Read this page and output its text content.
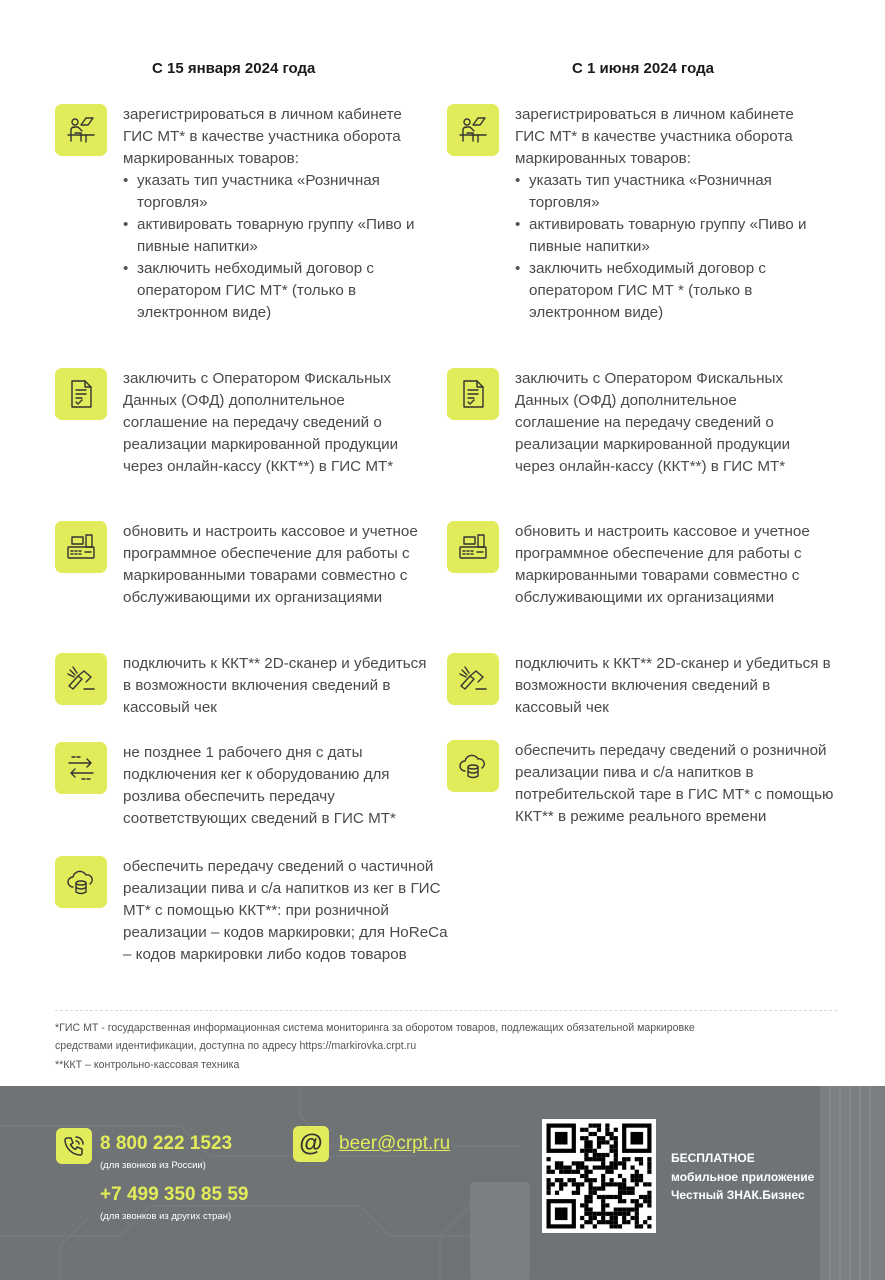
С 15 января 2024 года	С 1 июня 2024 года
зарегистрироваться в личном кабинете ГИС МТ* в качестве участника оборота маркированных товаров:
• указать тип участника «Розничная торговля»
• активировать товарную группу «Пиво и пивные напитки»
• заключить небходимый договор с оператором ГИС МТ* (только в электронном виде)
заключить с Оператором Фискальных Данных (ОФД) дополнительное соглашение на передачу сведений о реализации маркированной продукции через онлайн-кассу (ККТ**) в ГИС МТ*
обновить и настроить кассовое и учетное программное обеспечение для работы с маркированными товарами совместно с обслуживающими их организациями
подключить к ККТ** 2D-сканер и убедиться в возможности включения сведений в кассовый чек
не позднее 1 рабочего дня с даты подключения кег к оборудованию для розлива обеспечить передачу соответствующих сведений в ГИС МТ*
обеспечить передачу сведений о частичной реализации пива и с/а напитков из кег в ГИС МТ* с помощью ККТ**: при розничной реализации – кодов маркировки; для HoReCa – кодов маркировки либо кодов товаров
зарегистрироваться в личном кабинете ГИС МТ* в качестве участника оборота маркированных товаров:
• указать тип участника «Розничная торговля»
• активировать товарную группу «Пиво и пивные напитки»
• заключить небходимый договор с оператором ГИС МТ * (только в электронном виде)
заключить с Оператором Фискальных Данных (ОФД) дополнительное соглашение на передачу сведений о реализации маркированной продукции через онлайн-кассу (ККТ**) в ГИС МТ*
обновить и настроить кассовое и учетное программное обеспечение для работы с маркированными товарами совместно с обслуживающими их организациями
подключить к ККТ** 2D-сканер и убедиться в возможности включения сведений в кассовый чек
обеспечить передачу сведений о розничной реализации пива и с/а напитков в потребительской таре в ГИС МТ* с помощью ККТ** в режиме реального времени
*ГИС МТ - государственная информационная система мониторинга за оборотом товаров, подлежащих обязательной маркировке
средствами идентификации, доступна по адресу https://markirovka.crpt.ru
**ККТ – контрольно-кассовая техника
8 800 222 1523
(для звонков из России)
+7 499 350 85 59
(для звонков из других стран)
@ beer@crpt.ru
БЕСПЛАТНОЕ
мобильное приложение
Честный ЗНАК.Бизнес
